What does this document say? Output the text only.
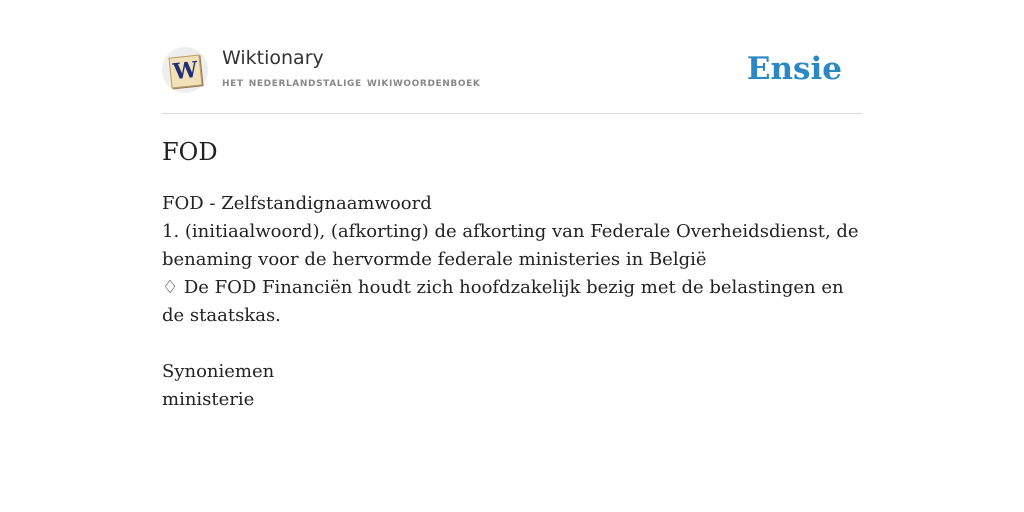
W Wiktionary
het nederlandstalige wikiwoordenboek	Ensie
FOD

FOD - Zelfstandignaamwoord

1. (initiaalwoord), (afkorting) de afkorting van Federale Overheidsdienst, de benaming voor de hervormde federale ministeries in België

♢ De FOD Financiën houdt zich hoofdzakelijk bezig met de belastingen en de staatskas.

Synoniemen

ministerie
